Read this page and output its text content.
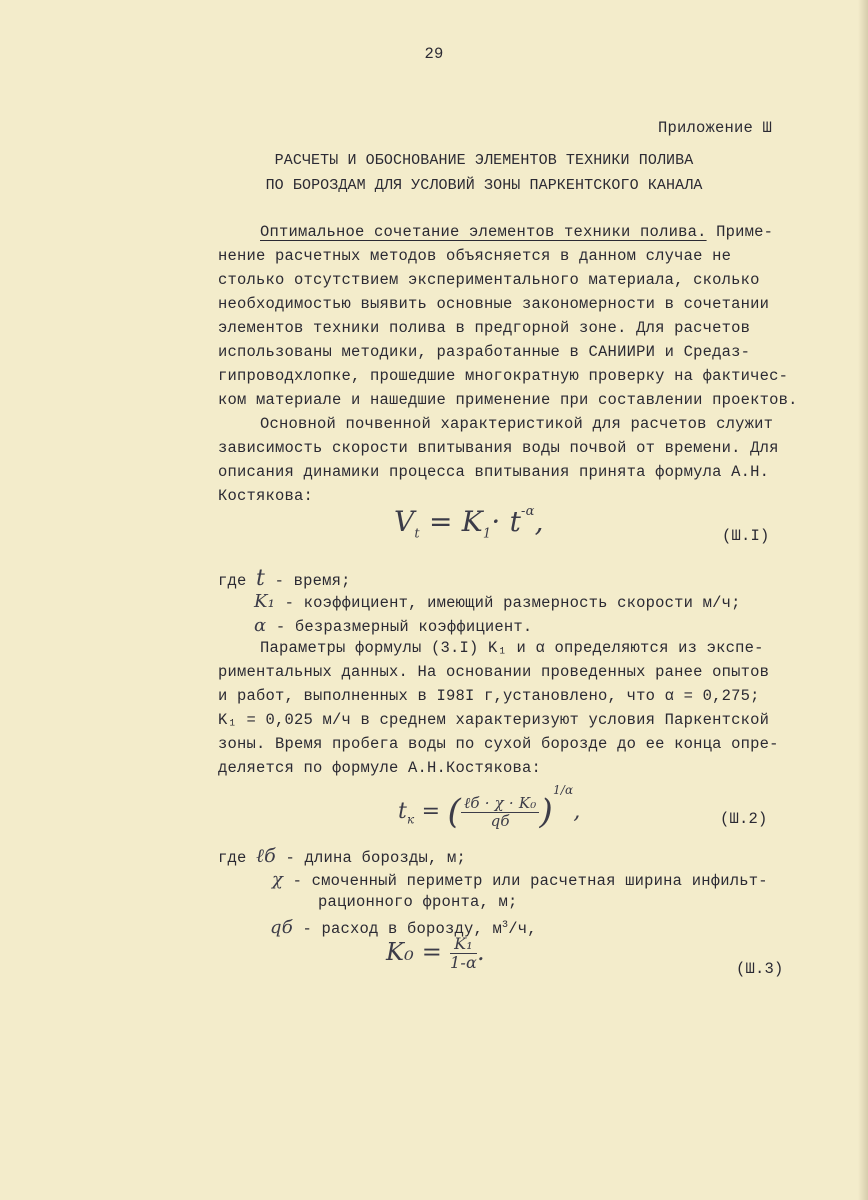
29
Приложение Ш
РАСЧЕТЫ И ОБОСНОВАНИЕ ЭЛЕМЕНТОВ ТЕХНИКИ ПОЛИВА
ПО БОРОЗДАМ ДЛЯ УСЛОВИЙ ЗОНЫ ПАРКЕНТСКОГО КАНАЛА
Оптимальное сочетание элементов техники полива. Приме-
нение расчетных методов объясняется в данном случае не
столько отсутствием экспериментального материала, сколько
необходимостью выявить основные закономерности в сочетании
элементов техники полива в предгорной зоне. Для расчетов
использованы методики, разработанные в САНИИРИ и Средаз-
гипроводхлопке, прошедшие многократную проверку на фактичес-
ком материале и нашедшие применение при составлении проектов.
Основной почвенной характеристикой для расчетов служит
зависимость скорости впитывания воды почвой от времени. Для
описания динамики процесса впитывания принята формула А.Н.
Костякова:
$V_t = K_1\cdot t^{-\alpha}$,	(Ш.I)
где t - время;
K₁ - коэффициент, имеющий размерность скорости м/ч;
α - безразмерный коэффициент.
Параметры формулы (3.I) K₁ и α определяются из экспе-
риментальных данных. На основании проведенных ранее опытов
и работ, выполненных в I98I г,установлено, что α = 0,275;
K₁ = 0,025 м/ч в среднем характеризуют условия Паркентской
зоны. Время пробега воды по сухой борозде до ее конца опре-
деляется по формуле А.Н.Костякова:
$t_к$ = ( $\frac{\text{ℓб · χ · K₀}}{qб} )^{1/\alpha}$,	(Ш.2)
где ℓб - длина борозды, м;
χ - смоченный периметр или расчетная ширина инфильт-
рационного фронта, м;
qб - расход в борозду, $м^3/ч$,
$K_0 = \frac{\text{K₁}}{1-\alpha}$ .
(Ш.3)
